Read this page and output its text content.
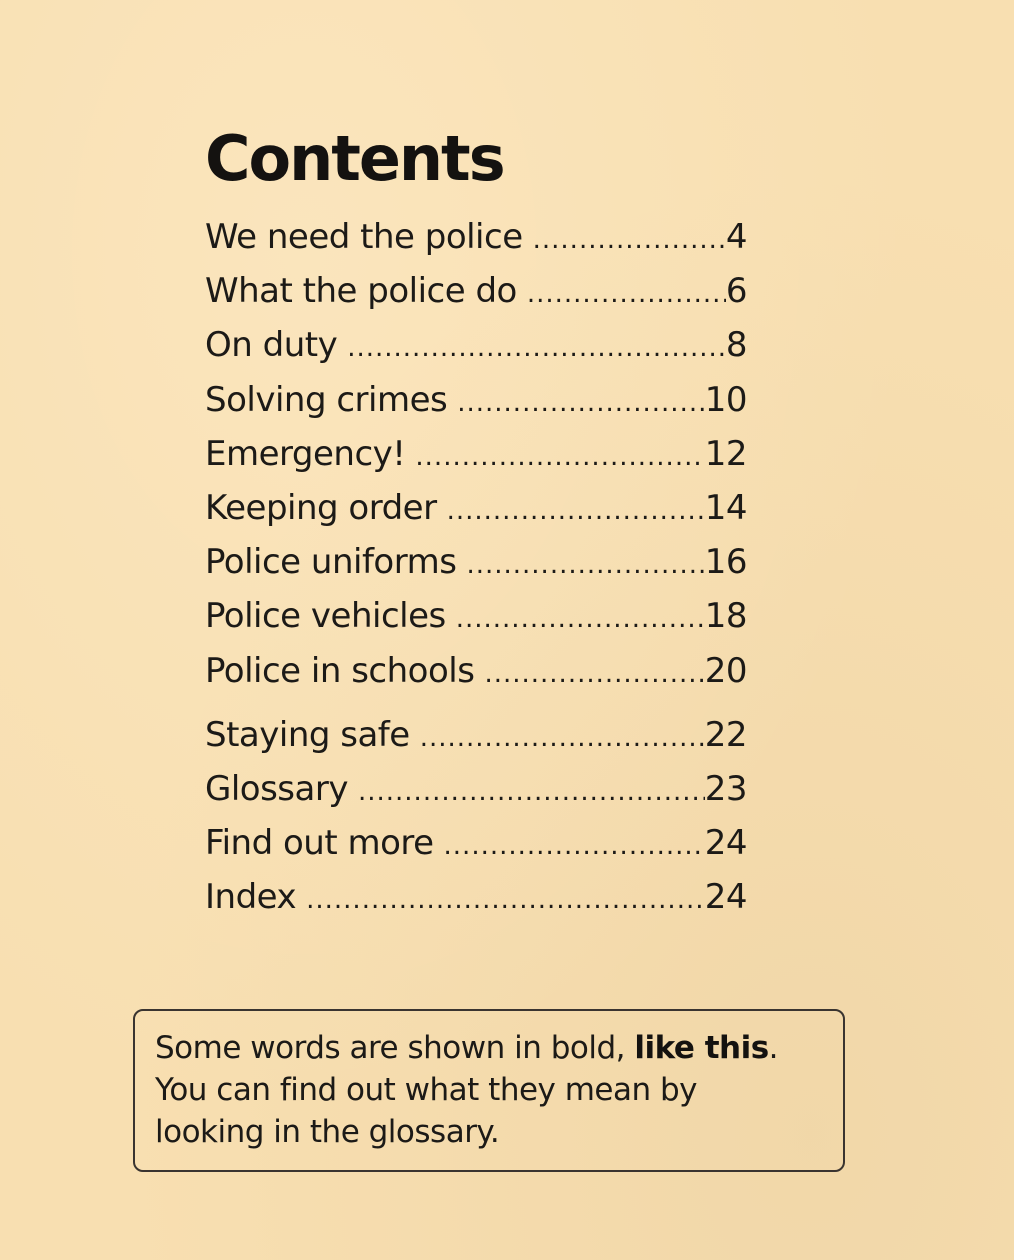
Contents
We need the police .....	4
What the police do .....	6
On duty .....	8
Solving crimes .....	10
Emergency! .....	12
Keeping order .....	14
Police uniforms .....	16
Police vehicles .....	18
Police in schools .....	20
Staying safe .....	22
Glossary .....	23
Find out more .....	24
Index .....	24
Some words are shown in bold, like this.
You can find out what they mean by
looking in the glossary.
